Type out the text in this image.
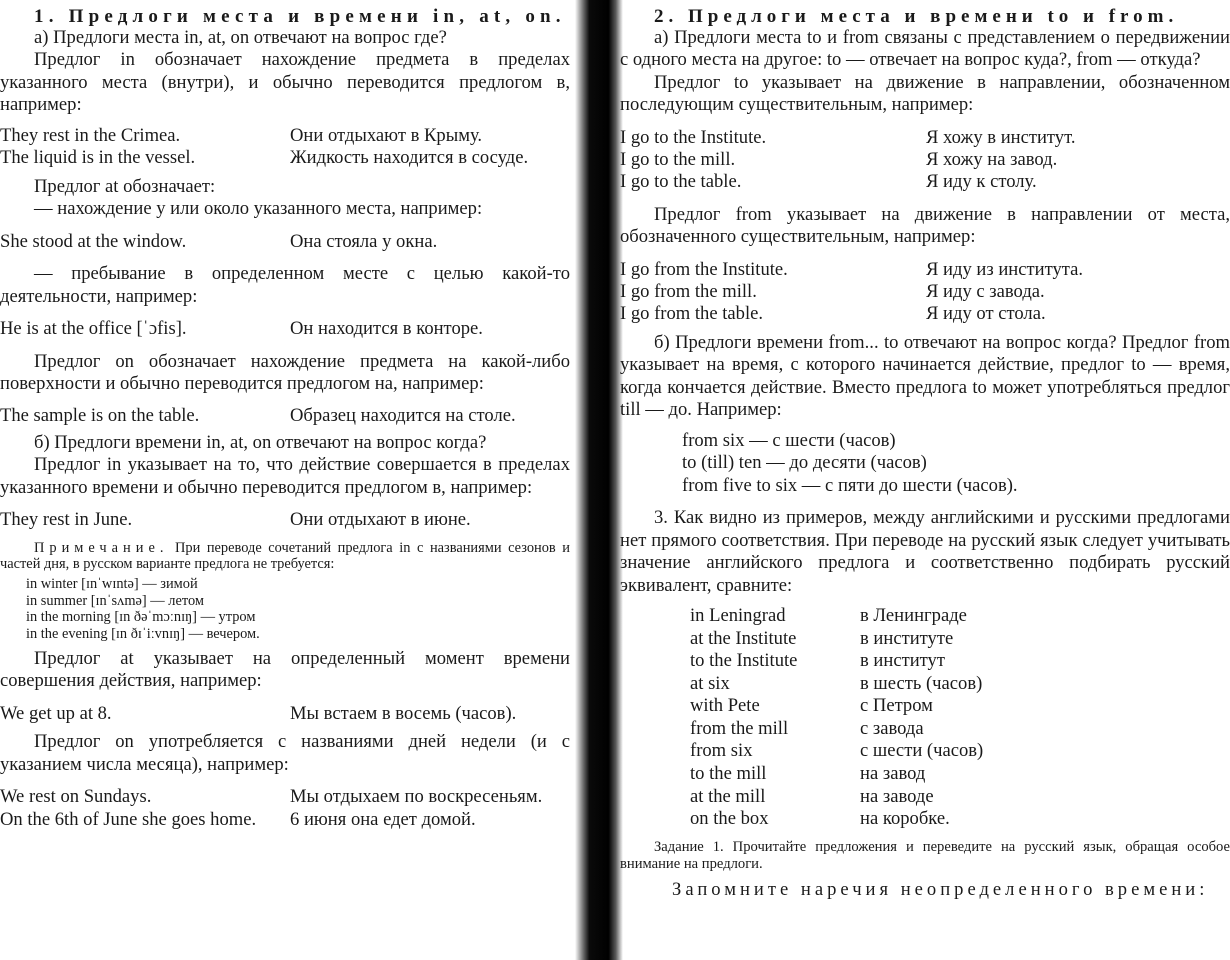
1. Предлоги места и времени in, at, on.

а) Предлоги места in, at, on отвечают на вопрос где?

Предлог in обозначает нахождение предмета в пределах указанного места (внутри), и обычно переводится предлогом в, например:

They rest in the Crimea.	Они отдыхают в Крыму.
The liquid is in the vessel.	Жидкость находится в сосуде.

Предлог at обозначает:

— нахождение у или около указанного места, например:

She stood at the window.	Она стояла у окна.

— пребывание в определенном месте с целью какой-то деятельности, например:

He is at the office [ˈɔfis].	Он находится в конторе.

Предлог on обозначает нахождение предмета на какой-либо поверхности и обычно переводится предлогом на, например:

The sample is on the table.	Образец находится на столе.

б) Предлоги времени in, at, on отвечают на вопрос когда?

Предлог in указывает на то, что действие совершается в пределах указанного времени и обычно переводится предлогом в, например:

They rest in June.	Они отдыхают в июне.

Примечание. При переводе сочетаний предлога in с названиями сезонов и частей дня, в русском варианте предлога не требуется:

in winter [ɪnˈwɪntə] — зимой
in summer [ɪnˈsʌmə] — летом
in the morning [ɪn ðəˈmɔːnɪŋ] — утром
in the evening [ɪn ðɪˈiːvnɪŋ] — вечером.

Предлог at указывает на определенный момент времени совершения действия, например:

We get up at 8.	Мы встаем в восемь (часов).

Предлог on употребляется с названиями дней недели (и с указанием числа месяца), например:

We rest on Sundays.	Мы отдыхаем по воскресеньям.
On the 6th of June she goes home.	6 июня она едет домой.
2. Предлоги места и времени to и from.

а) Предлоги места to и from связаны с представлением о передвижении с одного места на другое: to — отвечает на вопрос куда?, from — откуда?

Предлог to указывает на движение в направлении, обозначенном последующим существительным, например:

I go to the Institute.	Я хожу в институт.
I go to the mill.	Я хожу на завод.
I go to the table.	Я иду к столу.

Предлог from указывает на движение в направлении от места, обозначенного существительным, например:

I go from the Institute.	Я иду из института.
I go from the mill.	Я иду с завода.
I go from the table.	Я иду от стола.

б) Предлоги времени from... to отвечают на вопрос когда? Предлог from указывает на время, с которого начинается действие, предлог to — время, когда кончается действие. Вместо предлога to может употребляться предлог till — до. Например:

from six — с шести (часов)
to (till) ten — до десяти (часов)
from five to six — с пяти до шести (часов).

3. Как видно из примеров, между английскими и русскими предлогами нет прямого соответствия. При переводе на русский язык следует учитывать значение английского предлога и соответственно подбирать русский эквивалент, сравните:

in Leningrad	в Ленинграде
at the Institute	в институте
to the Institute	в институт
at six	в шесть (часов)
with Pete	с Петром
from the mill	с завода
from six	с шести (часов)
to the mill	на завод
at the mill	на заводе
on the box	на коробке.

Задание 1. Прочитайте предложения и переведите на русский язык, обращая особое внимание на предлоги.

Запомните наречия неопределенного времени:
